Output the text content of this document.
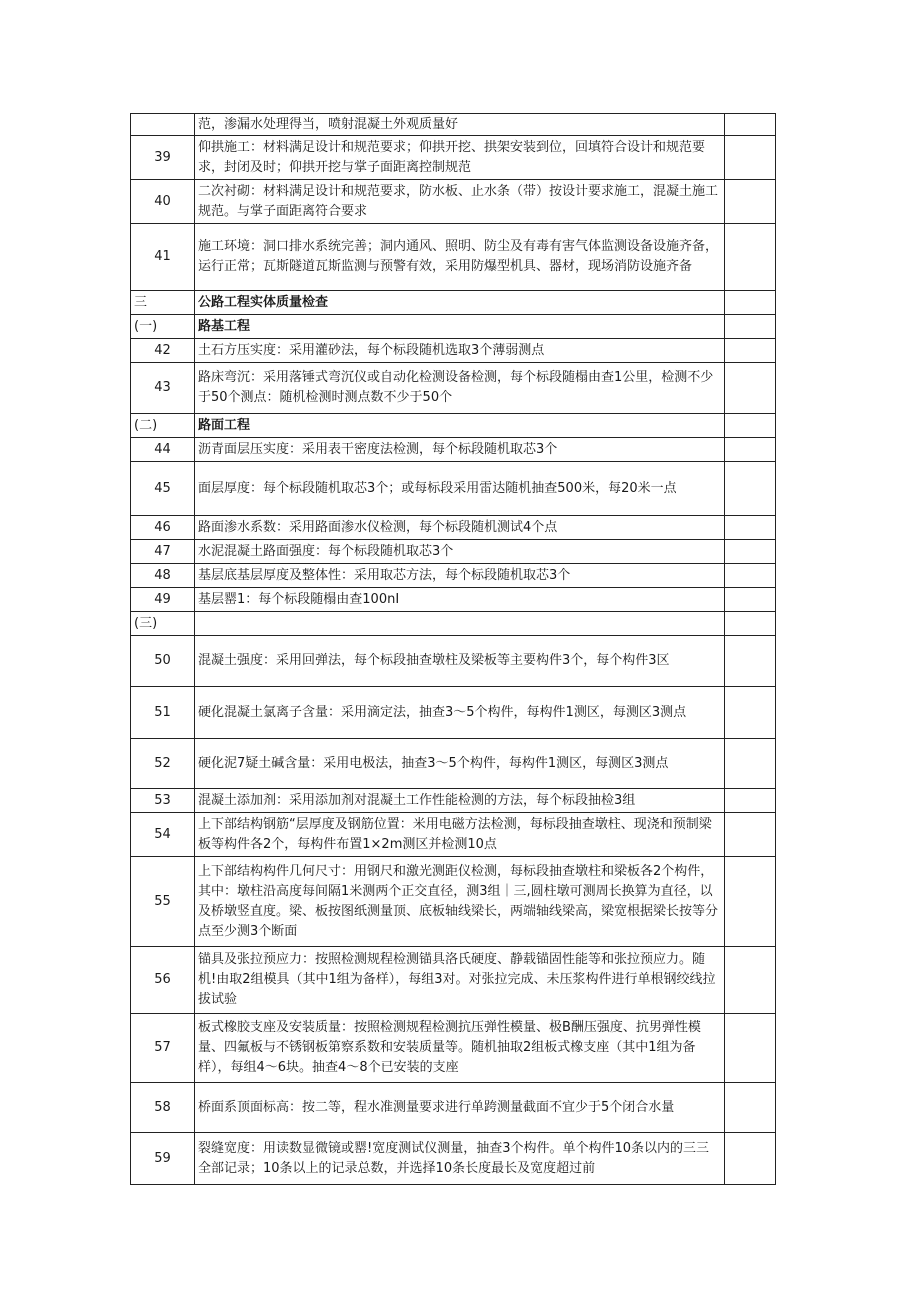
	范，渗漏水处理得当，喷射混凝土外观质量好	
39	仰拱施工：材料满足设计和规范要求；仰拱开挖、拱架安装到位，回填符合设计和规范要求，封闭及时；仰拱开挖与掌子面距离控制规范	
40	二次衬砌：材料满足设计和规范要求，防水板、止水条（带）按设计要求施工，混凝土施工规范。与掌子面距离符合要求	
41	施工环境：洞口排水系统完善；洞内通风、照明、防尘及有毒有害气体监测设备设施齐备，运行正常；瓦斯隧道瓦斯监测与预警有效，采用防爆型机具、器材，现场消防设施齐备	
三	公路工程实体质量检查	
(一)	路基工程	
42	土石方压实度：采用灌砂法，每个标段随机选取3个薄弱测点	
43	路床弯沉：采用落锤式弯沉仪或自动化检测设备检测，每个标段随榻由查1公里，检测不少于50个测点：随机检测时测点数不少于50个	
(二)	路面工程	
44	沥青面层压实度：采用表干密度法检测，每个标段随机取芯3个	
45	面层厚度：每个标段随机取芯3个；或每标段采用雷达随机抽查500米，每20米一点	
46	路面渗水系数：采用路面渗水仪检测，每个标段随机测试4个点	
47	水泥混凝土路面强度：每个标段随机取芯3个	
48	基层底基层厚度及整体性：采用取芯方法，每个标段随机取芯3个	
49	基层罂1：每个标段随榻由查100nI	
(三)		
50	混凝土强度：采用回弹法，每个标段抽查墩柱及梁板等主要构件3个，每个构件3区	
51	硬化混凝土氯离子含量：采用滴定法，抽查3～5个构件，每构件1测区，每测区3测点	
52	硬化泥7疑土碱含量：采用电极法，抽查3～5个构件，每构件1测区，每测区3测点	
53	混凝土添加剂：采用添加剂对混凝土工作性能检测的方法，每个标段抽检3组	
54	上下部结构钢筋“层厚度及钢筋位置：米用电磁方法检测，每标段抽查墩柱、现浇和预制梁板等构件各2个，每构件布置1×2m测区并检测10点	
55	上下部结构构件几何尺寸：用钢尺和激光测距仪检测，每标段抽查墩柱和梁板各2个构件，其中：墩柱沿高度每间隔1米测两个正交直径，测3组｜三,圆柱墩可测周长换算为直径，以及桥墩竖直度。梁、板按图纸测量顶、底板轴线梁长，两端轴线梁高，梁宽根据梁长按等分点至少测3个断面	
56	锚具及张拉预应力：按照检测规程检测锚具洛氏硬度、静载锚固性能等和张拉预应力。随机!由取2组模具（其中1组为备样），每组3对。对张拉完成、未压浆构件进行单根钢绞线拉拔试验	
57	板式橡胶支座及安装质量：按照检测规程检测抗压弹性模量、极B酬压强度、抗男弹性模量、四氟板与不锈钢板第察系数和安装质量等。随机抽取2组板式橡支座（其中1组为备样），每组4～6块。抽查4～8个已安装的支座	
58	桥面系顶面标高：按二等，程水准测量要求进行单跨测量截面不宜少于5个闭合水量	
59	裂缝宽度：用读数显微镜或罂!宽度测试仪测量，抽查3个构件。单个构件10条以内的三三全部记录；10条以上的记录总数，并选择10条长度最长及宽度超过前	
